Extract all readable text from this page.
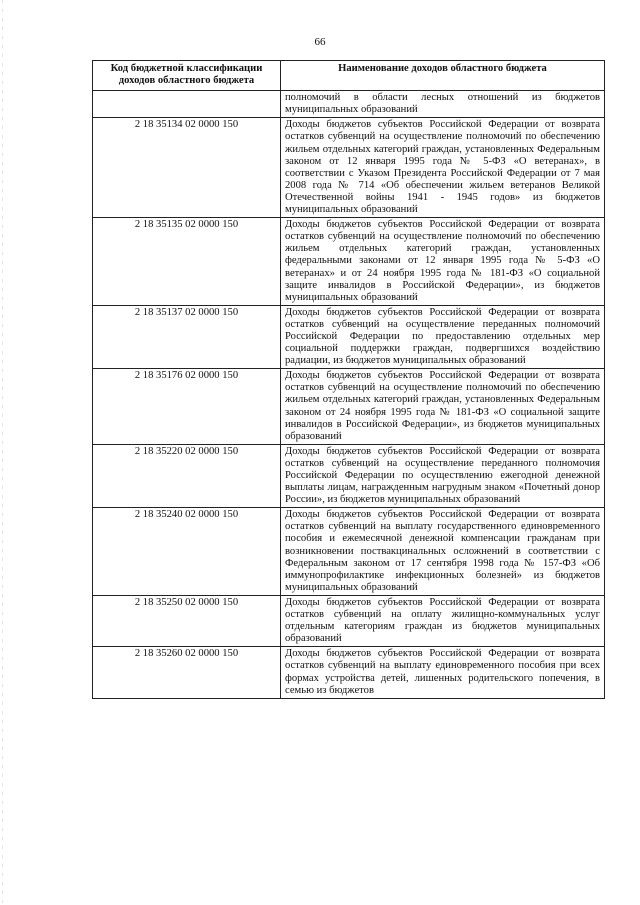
66
Код бюджетной классификации доходов областного бюджета	Наименование доходов областного бюджета
	полномочий в области лесных отношений из бюджетов муниципальных образований
2 18 35134 02 0000 150	Доходы бюджетов субъектов Российской Федерации от возврата остатков субвенций на осуществление полномочий по обеспечению жильем отдельных категорий граждан, установленных Федеральным законом от 12 января 1995 года № 5-ФЗ «О ветеранах», в соответствии с Указом Президента Российской Федерации от 7 мая 2008 года № 714 «Об обеспечении жильем ветеранов Великой Отечественной войны 1941 - 1945 годов» из бюджетов муниципальных образований
2 18 35135 02 0000 150	Доходы бюджетов субъектов Российской Федерации от возврата остатков субвенций на осуществление полномочий по обеспечению жильем отдельных категорий граждан, установленных федеральными законами от 12 января 1995 года № 5-ФЗ «О ветеранах» и от 24 ноября 1995 года № 181-ФЗ «О социальной защите инвалидов в Российской Федерации», из бюджетов муниципальных образований
2 18 35137 02 0000 150	Доходы бюджетов субъектов Российской Федерации от возврата остатков субвенций на осуществление переданных полномочий Российской Федерации по предоставлению отдельных мер социальной поддержки граждан, подвергшихся воздействию радиации, из бюджетов муниципальных образований
2 18 35176 02 0000 150	Доходы бюджетов субъектов Российской Федерации от возврата остатков субвенций на осуществление полномочий по обеспечению жильем отдельных категорий граждан, установленных Федеральным законом от 24 ноября 1995 года № 181-ФЗ «О социальной защите инвалидов в Российской Федерации», из бюджетов муниципальных образований
2 18 35220 02 0000 150	Доходы бюджетов субъектов Российской Федерации от возврата остатков субвенций на осуществление переданного полномочия Российской Федерации по осуществлению ежегодной денежной выплаты лицам, награжденным нагрудным знаком «Почетный донор России», из бюджетов муниципальных образований
2 18 35240 02 0000 150	Доходы бюджетов субъектов Российской Федерации от возврата остатков субвенций на выплату государственного единовременного пособия и ежемесячной денежной компенсации гражданам при возникновении поствакцинальных осложнений в соответствии с Федеральным законом от 17 сентября 1998 года № 157-ФЗ «Об иммунопрофилактике инфекционных болезней» из бюджетов муниципальных образований
2 18 35250 02 0000 150	Доходы бюджетов субъектов Российской Федерации от возврата остатков субвенций на оплату жилищно-коммунальных услуг отдельным категориям граждан из бюджетов муниципальных образований
2 18 35260 02 0000 150	Доходы бюджетов субъектов Российской Федерации от возврата остатков субвенций на выплату единовременного пособия при всех формах устройства детей, лишенных родительского попечения, в семью из бюджетов
